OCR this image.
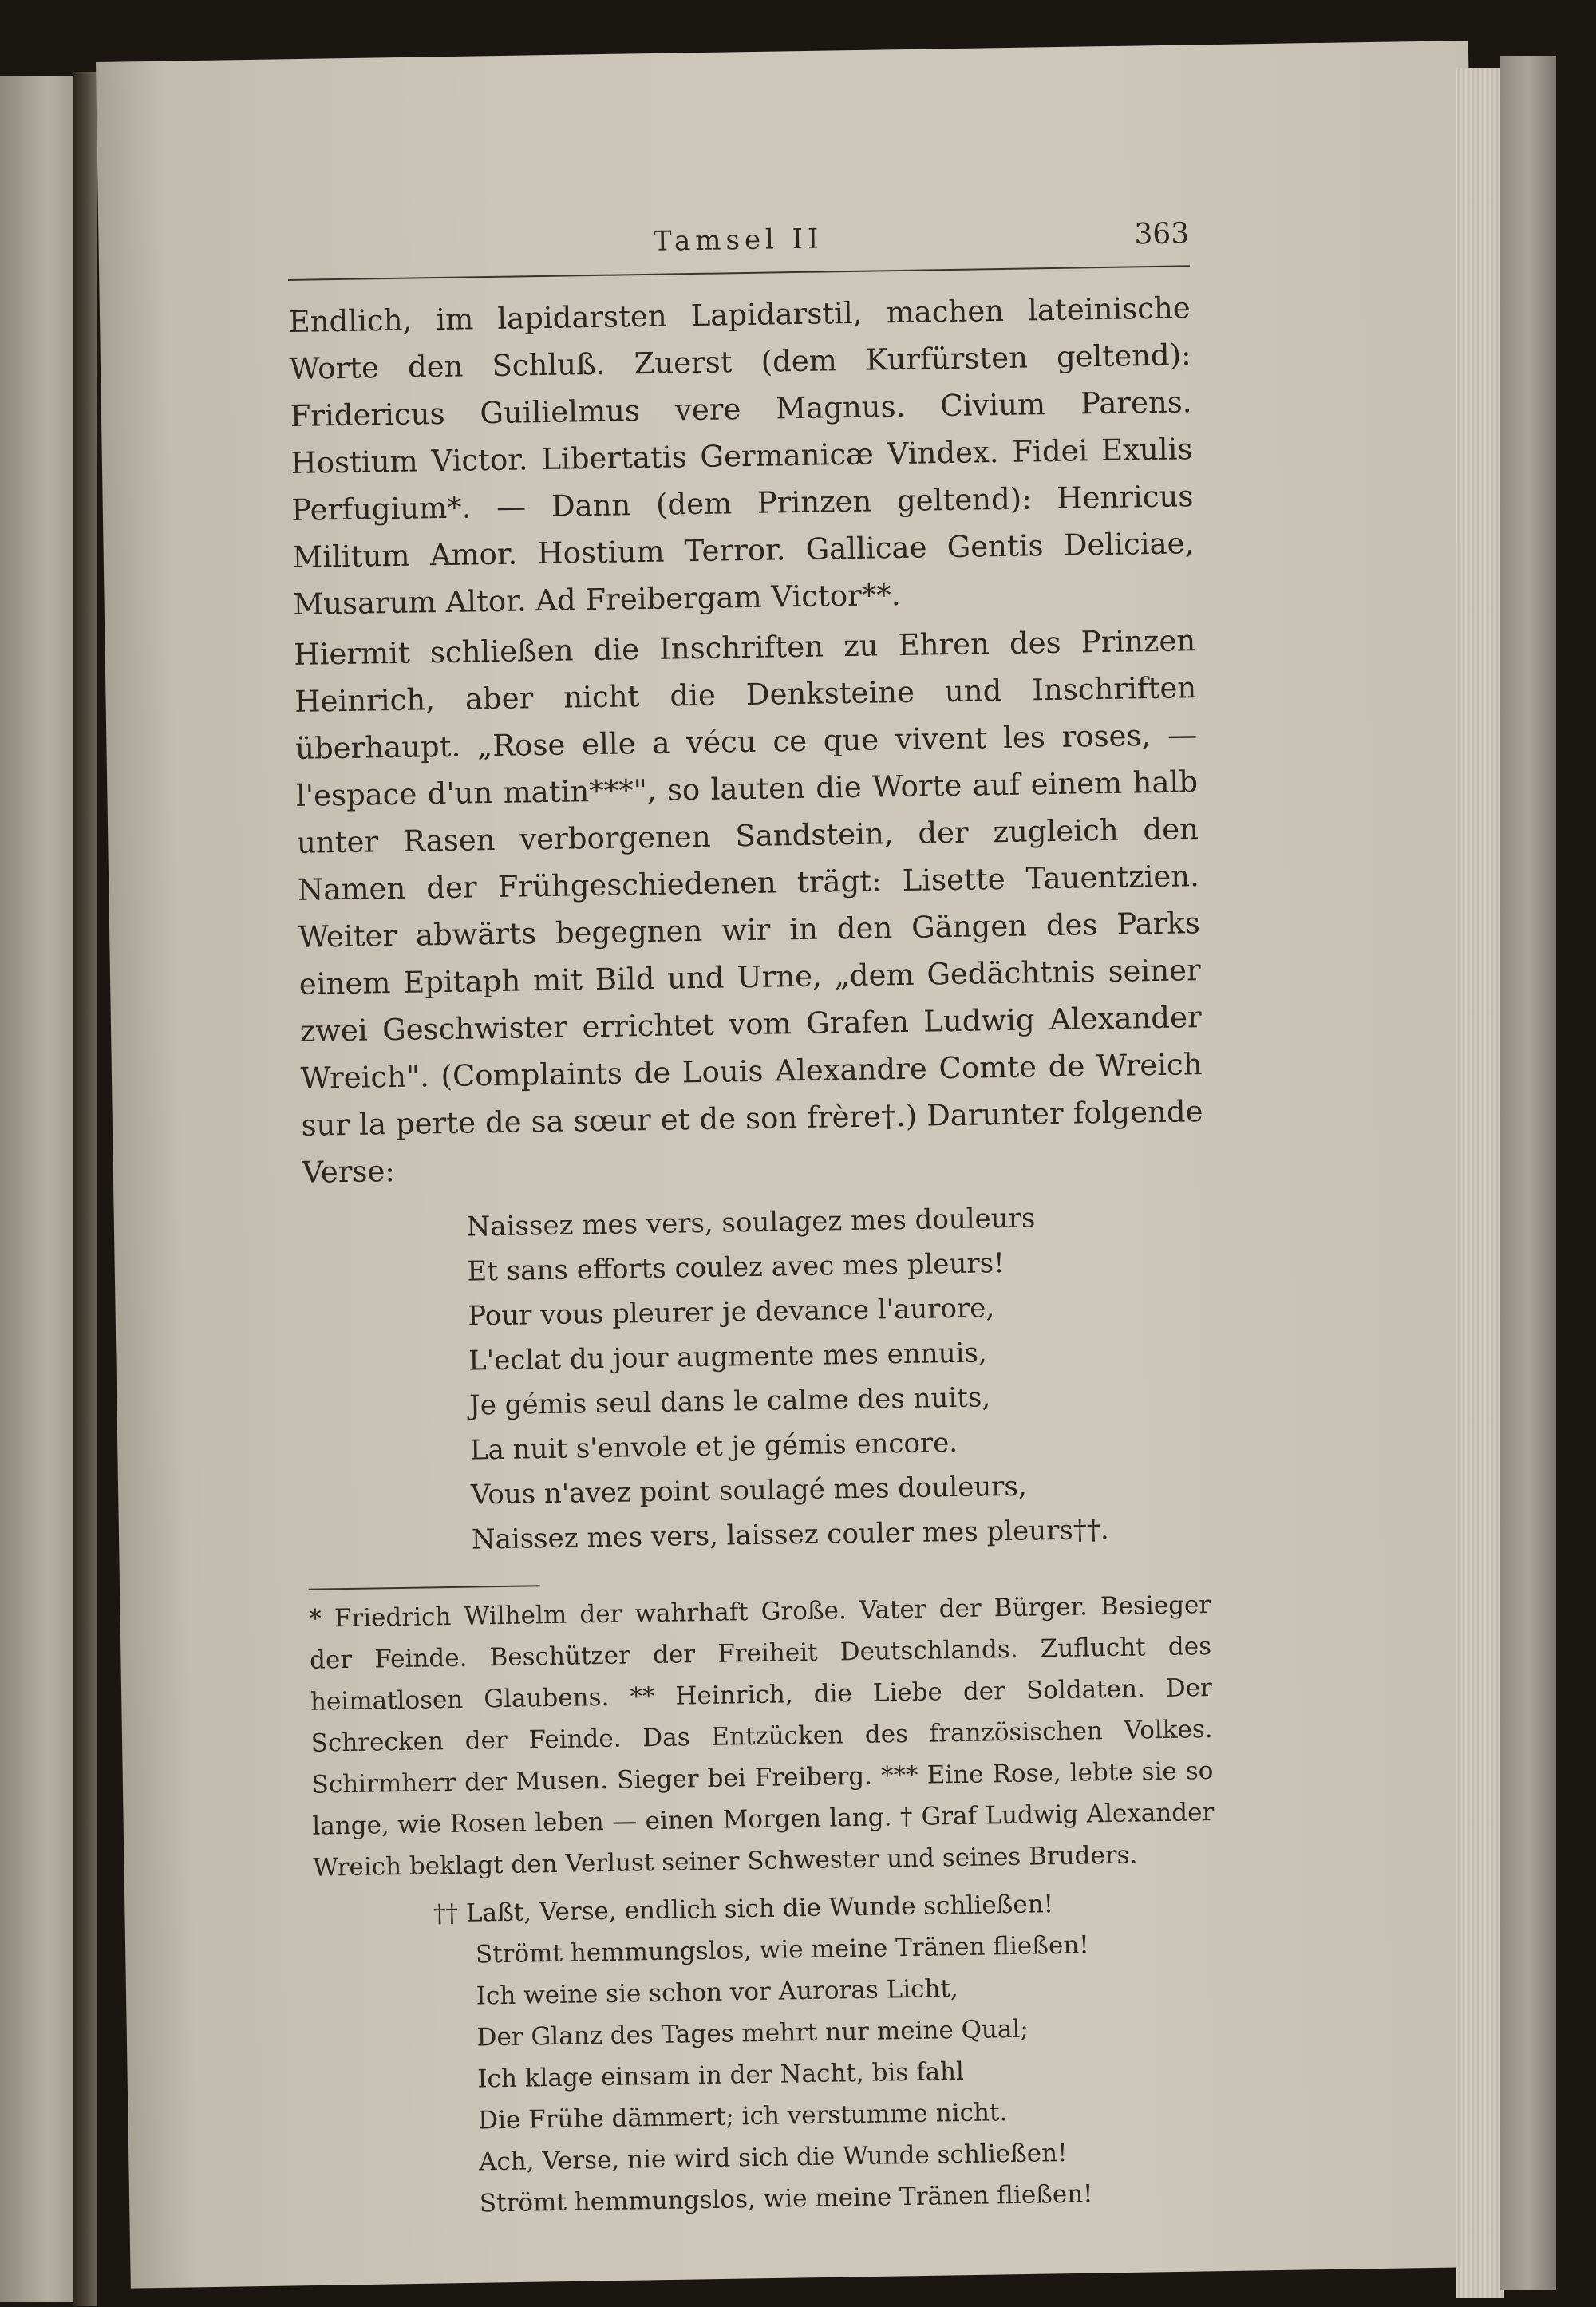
Tamsel II	363

Endlich, im lapidarsten Lapidarstil, machen lateinische Worte den Schluß. Zuerst (dem Kurfürsten geltend): Fridericus Guilielmus vere Magnus. Civium Parens. Hostium Victor. Libertatis Germanicæ Vindex. Fidei Exulis Perfugium*. — Dann (dem Prinzen geltend): Henricus Militum Amor. Hostium Terror. Gallicae Gentis Deliciae, Musarum Altor. Ad Freibergam Victor**.

Hiermit schließen die Inschriften zu Ehren des Prinzen Heinrich, aber nicht die Denksteine und Inschriften überhaupt. „Rose elle a vécu ce que vivent les roses, — l'espace d'un matin***", so lauten die Worte auf einem halb unter Rasen verborgenen Sandstein, der zugleich den Namen der Frühgeschiedenen trägt: Lisette Tauentzien. Weiter abwärts begegnen wir in den Gängen des Parks einem Epitaph mit Bild und Urne, „dem Gedächtnis seiner zwei Geschwister errichtet vom Grafen Ludwig Alexander Wreich". (Complaints de Louis Alexandre Comte de Wreich sur la perte de sa sœur et de son frère†.) Darunter folgende Verse:

Naissez mes vers, soulagez mes douleurs
Et sans efforts coulez avec mes pleurs!
Pour vous pleurer je devance l'aurore,
L'eclat du jour augmente mes ennuis,
Je gémis seul dans le calme des nuits,
La nuit s'envole et je gémis encore.
Vous n'avez point soulagé mes douleurs,
Naissez mes vers, laissez couler mes pleurs††.

* Friedrich Wilhelm der wahrhaft Große. Vater der Bürger. Besieger der Feinde. Beschützer der Freiheit Deutschlands. Zuflucht des heimatlosen Glaubens. ** Heinrich, die Liebe der Soldaten. Der Schrecken der Feinde. Das Entzücken des französischen Volkes. Schirmherr der Musen. Sieger bei Freiberg. *** Eine Rose, lebte sie so lange, wie Rosen leben — einen Morgen lang. † Graf Ludwig Alexander Wreich beklagt den Verlust seiner Schwester und seines Bruders.

†† Laßt, Verse, endlich sich die Wunde schließen!
Strömt hemmungslos, wie meine Tränen fließen!
Ich weine sie schon vor Auroras Licht,
Der Glanz des Tages mehrt nur meine Qual;
Ich klage einsam in der Nacht, bis fahl
Die Frühe dämmert; ich verstumme nicht.
Ach, Verse, nie wird sich die Wunde schließen!
Strömt hemmungslos, wie meine Tränen fließen!
